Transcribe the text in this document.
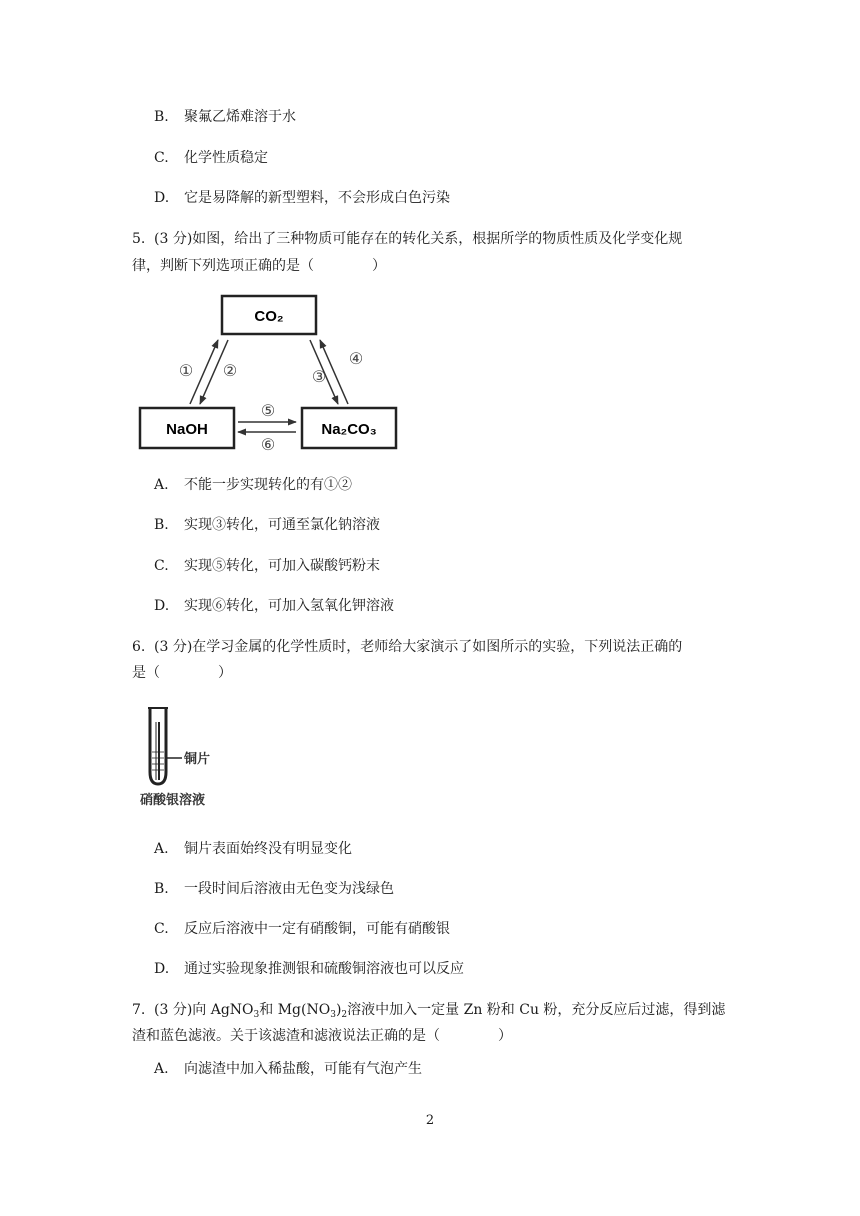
B. 聚氟乙烯难溶于水
C. 化学性质稳定
D. 它是易降解的新型塑料，不会形成白色污染
5. (3 分)如图，给出了三种物质可能存在的转化关系，根据所学的物质性质及化学变化规
律，判断下列选项正确的是（	）
CO₂
NaOH	Na₂CO₃
① ②	③
④
⑤
⑥
A. 不能一步实现转化的有①②
B. 实现③转化，可通至氯化钠溶液
C. 实现⑤转化，可加入碳酸钙粉末
D. 实现⑥转化，可加入氢氧化钾溶液
6. (3 分)在学习金属的化学性质时，老师给大家演示了如图所示的实验，下列说法正确的
是（	）
铜片
硝酸银溶液
A. 铜片表面始终没有明显变化
B. 一段时间后溶液由无色变为浅绿色
C. 反应后溶液中一定有硝酸铜，可能有硝酸银
D. 通过实验现象推测银和硫酸铜溶液也可以反应
7. (3 分)向 AgNO$_3$和 $Mg(NO_3)_2$溶液中加入一定量 Zn 粉和 Cu 粉，充分反应后过滤，得到滤
渣和蓝色滤液。关于该滤渣和滤液说法正确的是（	）
A. 向滤渣中加入稀盐酸，可能有气泡产生
2
